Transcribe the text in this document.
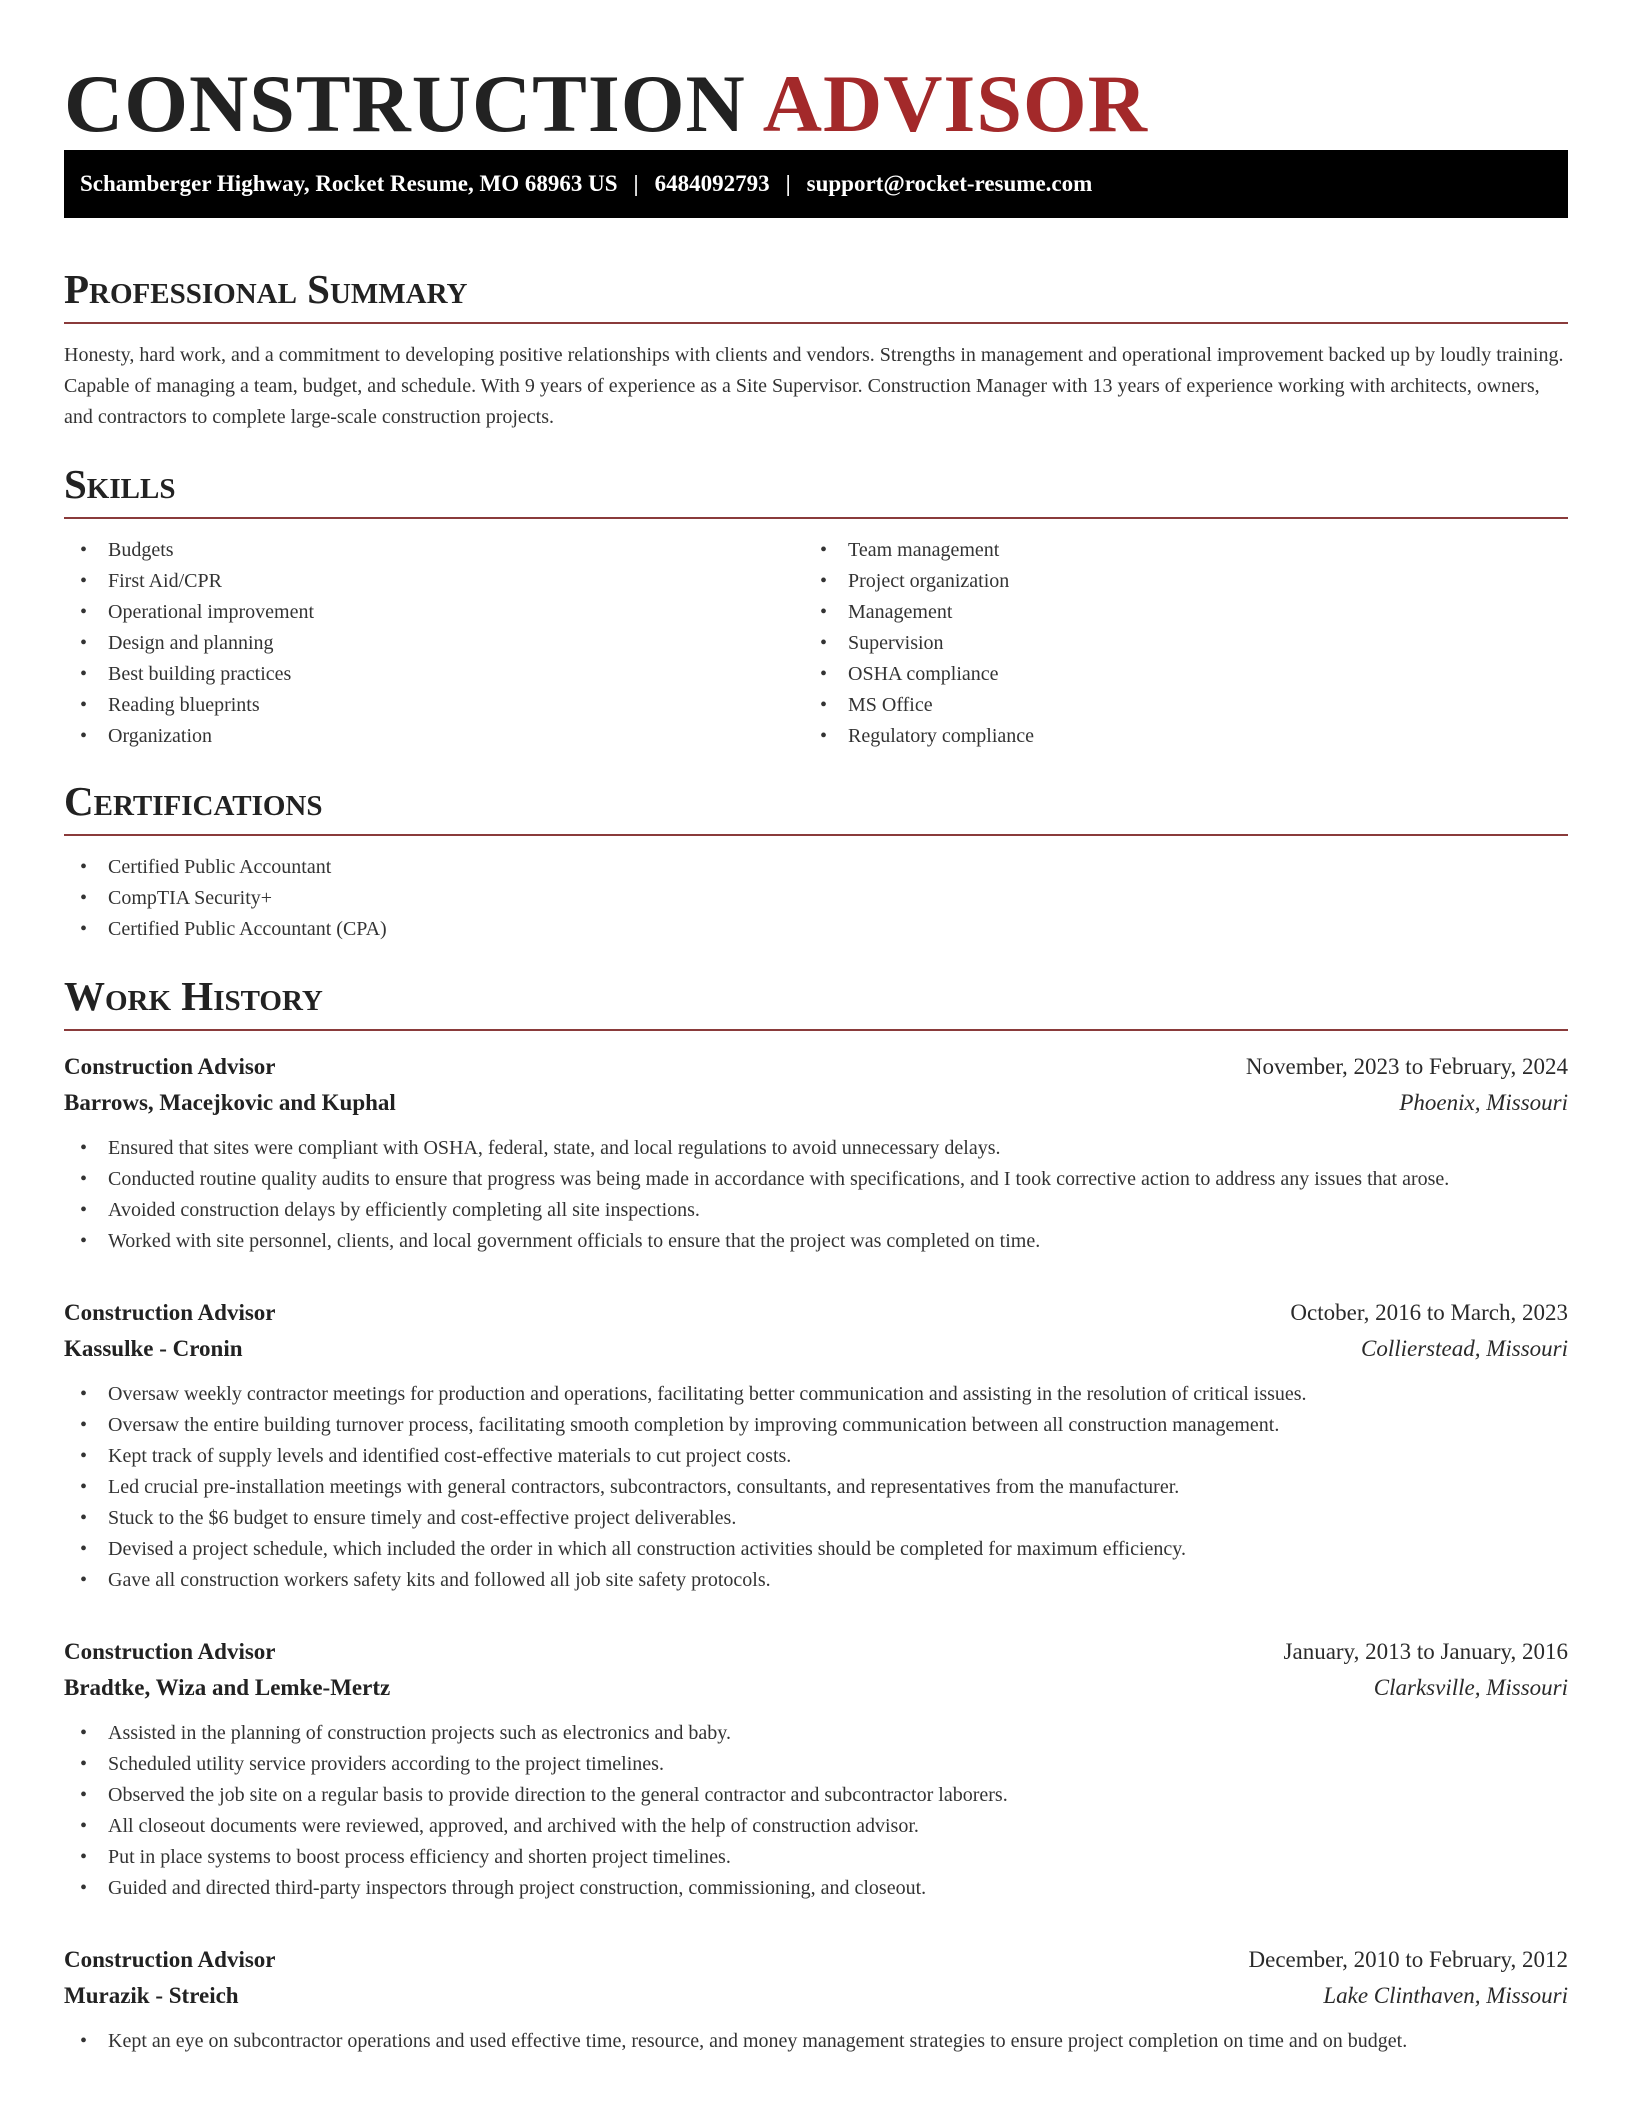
CONSTRUCTION ADVISOR
Schamberger Highway, Rocket Resume, MO 68963 US | 6484092793 | support@rocket-resume.com
Professional Summary

Honesty, hard work, and a commitment to developing positive relationships with clients and vendors. Strengths in management and operational improvement backed up by loudly training. Capable of managing a team, budget, and schedule. With 9 years of experience as a Site Supervisor. Construction Manager with 13 years of experience working with architects, owners, and contractors to complete large-scale construction projects.

Skills
• Budgets
• First Aid/CPR
• Operational improvement
• Design and planning
• Best building practices
• Reading blueprints
• Organization
• Team management
• Project organization
• Management
• Supervision
• OSHA compliance
• MS Office
• Regulatory compliance
Certifications
• Certified Public Accountant
• CompTIA Security+
• Certified Public Accountant (CPA)
Work History
Construction Advisor	November, 2023 to February, 2024
Barrows, Macejkovic and Kuphal	Phoenix, Missouri
• Ensured that sites were compliant with OSHA, federal, state, and local regulations to avoid unnecessary delays.
• Conducted routine quality audits to ensure that progress was being made in accordance with specifications, and I took corrective action to address any issues that arose.
• Avoided construction delays by efficiently completing all site inspections.
• Worked with site personnel, clients, and local government officials to ensure that the project was completed on time.
Construction Advisor	October, 2016 to March, 2023
Kassulke - Cronin	Collierstead, Missouri
• Oversaw weekly contractor meetings for production and operations, facilitating better communication and assisting in the resolution of critical issues.
• Oversaw the entire building turnover process, facilitating smooth completion by improving communication between all construction management.
• Kept track of supply levels and identified cost-effective materials to cut project costs.
• Led crucial pre-installation meetings with general contractors, subcontractors, consultants, and representatives from the manufacturer.
• Stuck to the $6 budget to ensure timely and cost-effective project deliverables.
• Devised a project schedule, which included the order in which all construction activities should be completed for maximum efficiency.
• Gave all construction workers safety kits and followed all job site safety protocols.
Construction Advisor	January, 2013 to January, 2016
Bradtke, Wiza and Lemke-Mertz	Clarksville, Missouri
• Assisted in the planning of construction projects such as electronics and baby.
• Scheduled utility service providers according to the project timelines.
• Observed the job site on a regular basis to provide direction to the general contractor and subcontractor laborers.
• All closeout documents were reviewed, approved, and archived with the help of construction advisor.
• Put in place systems to boost process efficiency and shorten project timelines.
• Guided and directed third-party inspectors through project construction, commissioning, and closeout.
Construction Advisor	December, 2010 to February, 2012
Murazik - Streich	Lake Clinthaven, Missouri
• Kept an eye on subcontractor operations and used effective time, resource, and money management strategies to ensure project completion on time and on budget.
